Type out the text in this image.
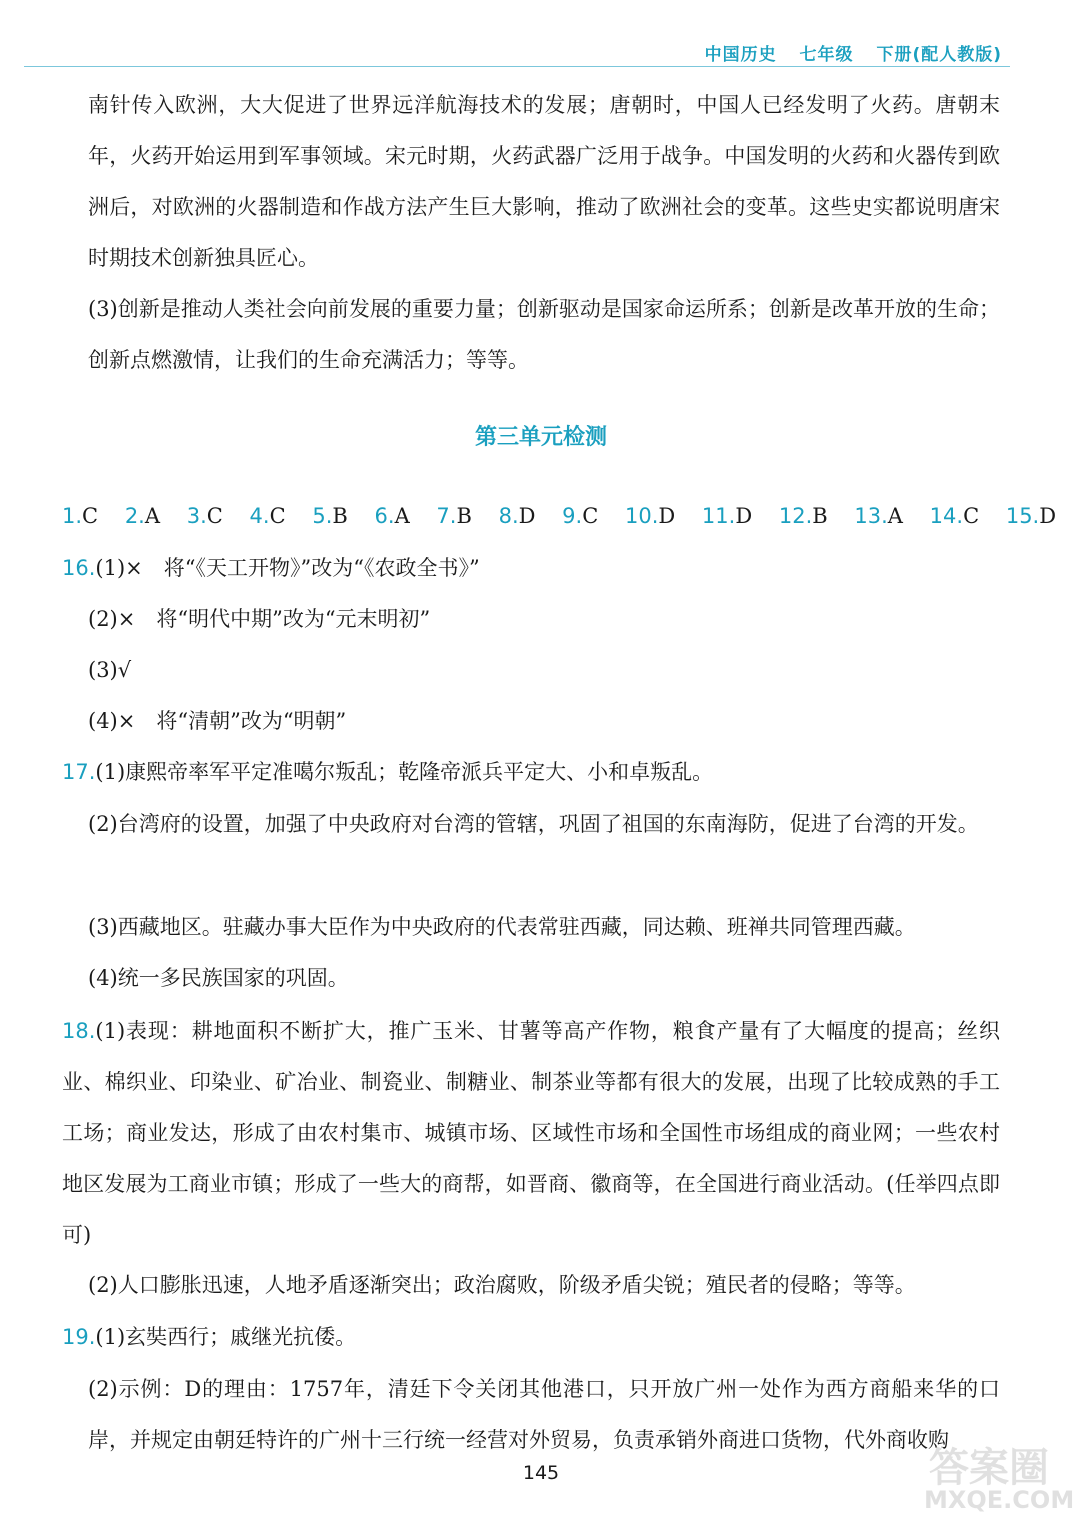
中国历史 七年级 下册(配人教版)
南针传入欧洲，大大促进了世界远洋航海技术的发展；唐朝时，中国人已经发明了火药。唐朝末年，火药开始运用到军事领域。宋元时期，火药武器广泛用于战争。中国发明的火药和火器传到欧洲后，对欧洲的火器制造和作战方法产生巨大影响，推动了欧洲社会的变革。这些史实都说明唐宋时期技术创新独具匠心。
(3)创新是推动人类社会向前发展的重要力量；创新驱动是国家命运所系；创新是改革开放的生命；创新点燃激情，让我们的生命充满活力；等等。
第三单元检测
1.C 2.A 3.C 4.C 5.B 6.A 7.B 8.D 9.C 10.D 11.D 12.B 13.A 14.C 15.D
16.(1)×　将“《天工开物》”改为“《农政全书》”
(2)×　将“明代中期”改为“元末明初”
(3)√
(4)×　将“清朝”改为“明朝”
17.(1)康熙帝率军平定准噶尔叛乱；乾隆帝派兵平定大、小和卓叛乱。
(2)台湾府的设置，加强了中央政府对台湾的管辖，巩固了祖国的东南海防，促进了台湾的开发。
(3)西藏地区。驻藏办事大臣作为中央政府的代表常驻西藏，同达赖、班禅共同管理西藏。
(4)统一多民族国家的巩固。
18.(1)表现：耕地面积不断扩大，推广玉米、甘薯等高产作物，粮食产量有了大幅度的提高；丝织业、棉织业、印染业、矿冶业、制瓷业、制糖业、制茶业等都有很大的发展，出现了比较成熟的手工工场；商业发达，形成了由农村集市、城镇市场、区域性市场和全国性市场组成的商业网；一些农村地区发展为工商业市镇；形成了一些大的商帮，如晋商、徽商等，在全国进行商业活动。(任举四点即可)
(2)人口膨胀迅速，人地矛盾逐渐突出；政治腐败，阶级矛盾尖锐；殖民者的侵略；等等。
19.(1)玄奘西行；戚继光抗倭。
(2)示例：D的理由：1757年，清廷下令关闭其他港口，只开放广州一处作为西方商船来华的口岸，并规定由朝廷特许的广州十三行统一经营对外贸易，负责承销外商进口货物，代外商收购
145	答案圈
MXQE.COM
